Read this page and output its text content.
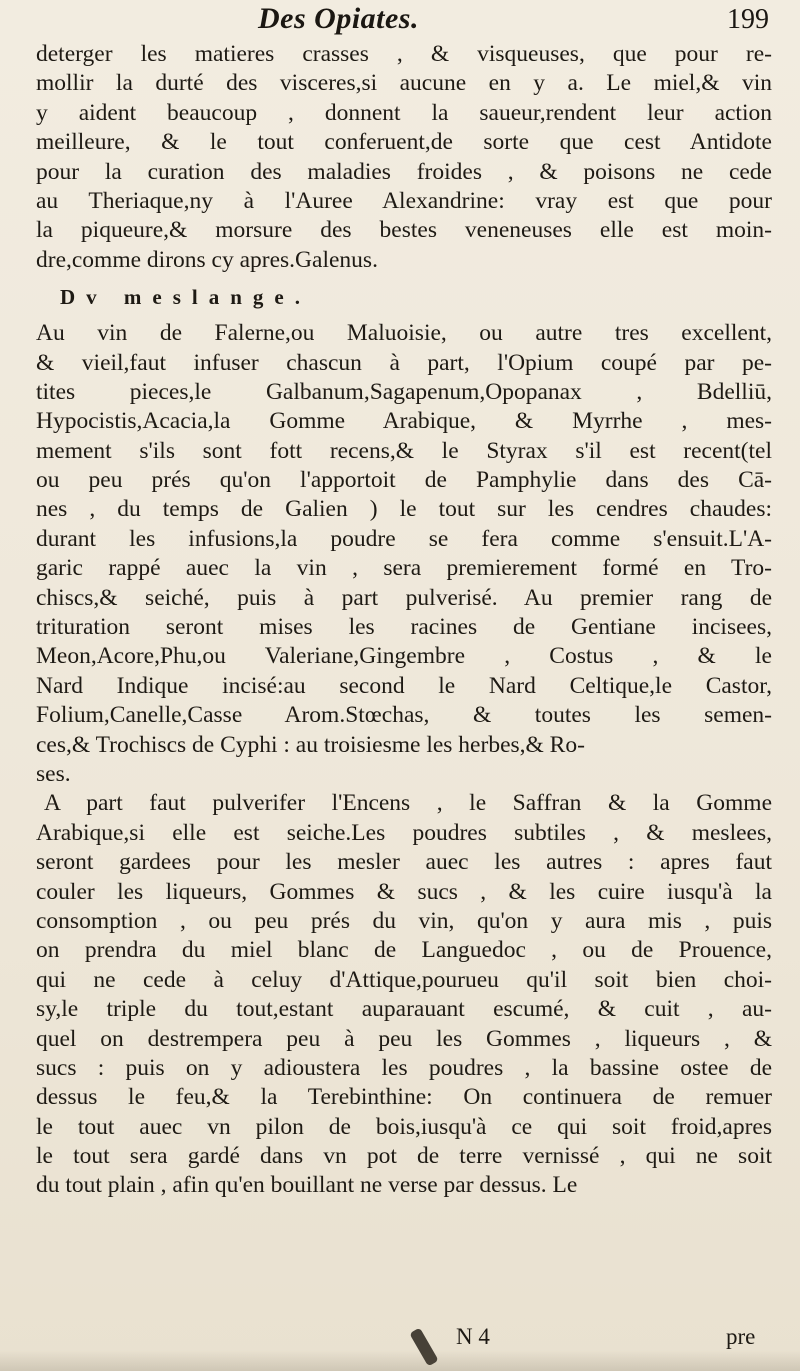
Des Opiates.	199
deterger les matieres crasses , & visqueuses, que pour re-
mollir la durté des visceres,si aucune en y a. Le miel,& vin
y aident beaucoup , donnent la saueur,rendent leur action
meilleure, & le tout conferuent,de sorte que cest Antidote
pour la curation des maladies froides , & poisons ne cede
au Theriaque,ny à l'Auree Alexandrine: vray est que pour
la piqueure,& morsure des bestes veneneuses elle est moin-
dre,comme dirons cy apres.Galenus.
Dv meslange.
Au vin de Falerne,ou Maluoisie, ou autre tres excellent,
& vieil,faut infuser chascun à part, l'Opium coupé par pe-
tites pieces,le Galbanum,Sagapenum,Opopanax , Bdelliū,
Hypocistis,Acacia,la Gomme Arabique, & Myrrhe , mes-
mement s'ils sont fott recens,& le Styrax s'il est recent(tel
ou peu prés qu'on l'apportoit de Pamphylie dans des Cā-
nes , du temps de Galien ) le tout sur les cendres chaudes:
durant les infusions,la poudre se fera comme s'ensuit.L'A-
garic rappé auec la vin , sera premierement formé en Tro-
chiscs,& seiché, puis à part pulverisé. Au premier rang de
trituration seront mises les racines de Gentiane incisees,
Meon,Acore,Phu,ou Valeriane,Gingembre , Costus , & le
Nard Indique incisé:au second le Nard Celtique,le Castor,
Folium,Canelle,Casse Arom.Stœchas, & toutes les semen-
ces,& Trochiscs de Cyphi : au troisiesme les herbes,& Ro-
ses.
A part faut pulverifer l'Encens , le Saffran & la Gomme
Arabique,si elle est seiche.Les poudres subtiles , & meslees,
seront gardees pour les mesler auec les autres : apres faut
couler les liqueurs, Gommes & sucs , & les cuire iusqu'à la
consomption , ou peu prés du vin, qu'on y aura mis , puis
on prendra du miel blanc de Languedoc , ou de Prouence,
qui ne cede à celuy d'Attique,pourueu qu'il soit bien choi-
sy,le triple du tout,estant auparauant escumé, & cuit , au-
quel on destrempera peu à peu les Gommes , liqueurs , &
sucs : puis on y adioustera les poudres , la bassine ostee de
dessus le feu,& la Terebinthine: On continuera de remuer
le tout auec vn pilon de bois,iusqu'à ce qui soit froid,apres
le tout sera gardé dans vn pot de terre vernissé , qui ne soit
du tout plain , afin qu'en bouillant ne verse par dessus. Le
N 4	pre
